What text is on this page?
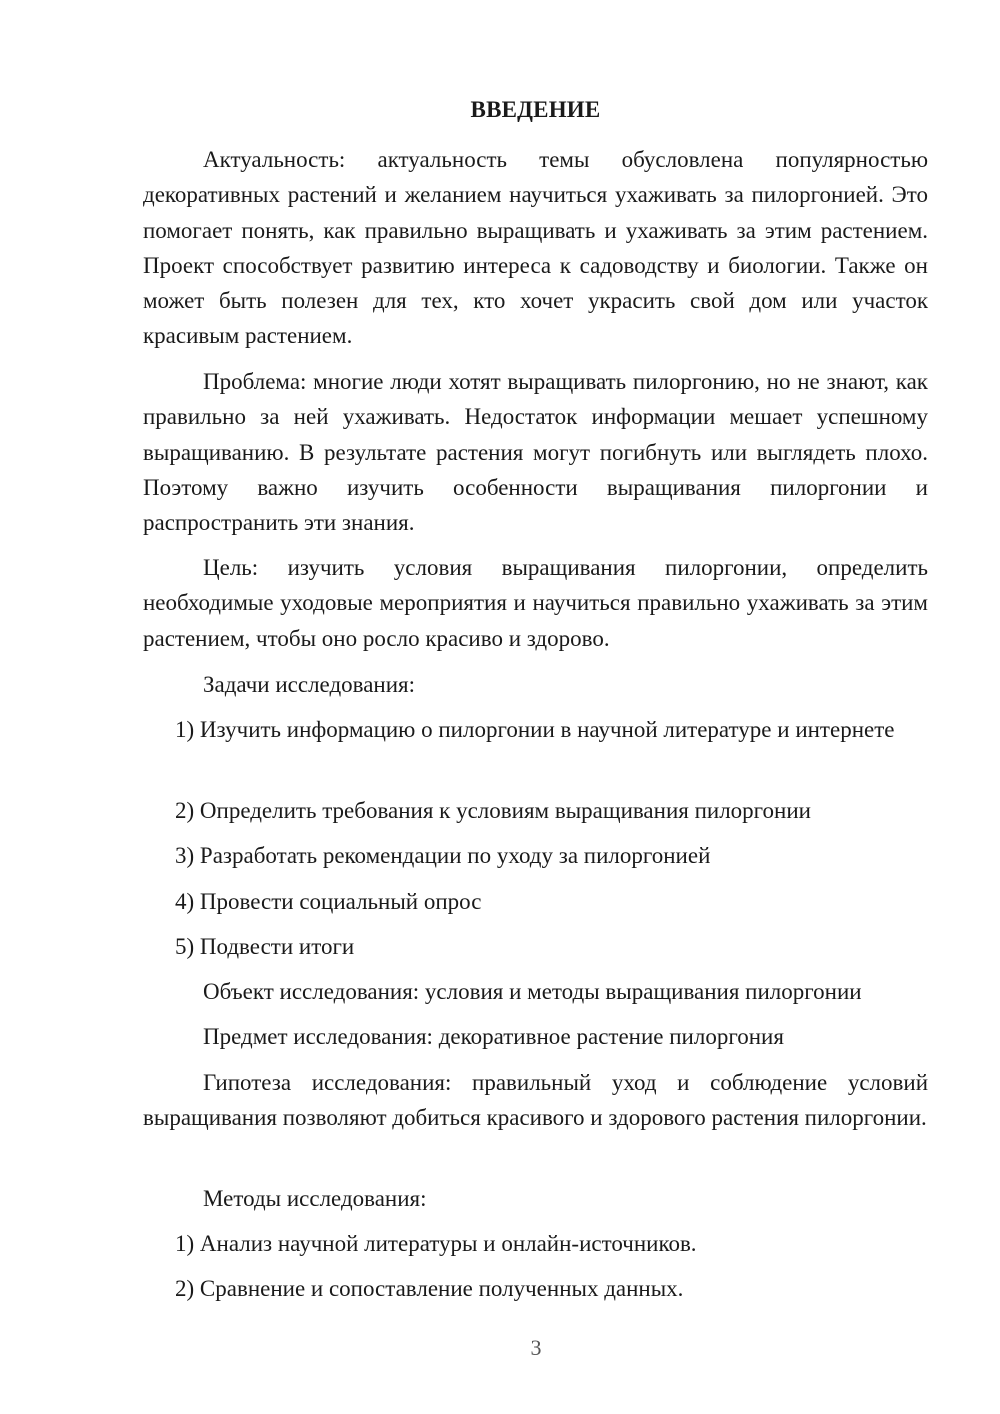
ВВЕДЕНИЕ

Актуальность: актуальность темы обусловлена популярностью декоративных растений и желанием научиться ухаживать за пилоргонией. Это помогает понять, как правильно выращивать и ухаживать за этим растением. Проект способствует развитию интереса к садоводству и биологии. Также он может быть полезен для тех, кто хочет украсить свой дом или участок красивым растением.

Проблема: многие люди хотят выращивать пилоргонию, но не знают, как правильно за ней ухаживать. Недостаток информации мешает успешному выращиванию. В результате растения могут погибнуть или выглядеть плохо. Поэтому важно изучить особенности выращивания пилоргонии и распространить эти знания.

Цель: изучить условия выращивания пилоргонии, определить необходимые уходовые мероприятия и научиться правильно ухаживать за этим растением, чтобы оно росло красиво и здорово.

Задачи исследования:

1) Изучить информацию о пилоргонии в научной литературе и интернете

2) Определить требования к условиям выращивания пилоргонии

3) Разработать рекомендации по уходу за пилоргонией

4) Провести социальный опрос

5) Подвести итоги

Объект исследования: условия и методы выращивания пилоргонии

Предмет исследования: декоративное растение пилоргония

Гипотеза исследования: правильный уход и соблюдение условий выращивания позволяют добиться красивого и здорового растения пилоргонии.

Методы исследования:

1) Анализ научной литературы и онлайн-источников.

2) Сравнение и сопоставление полученных данных.

3
